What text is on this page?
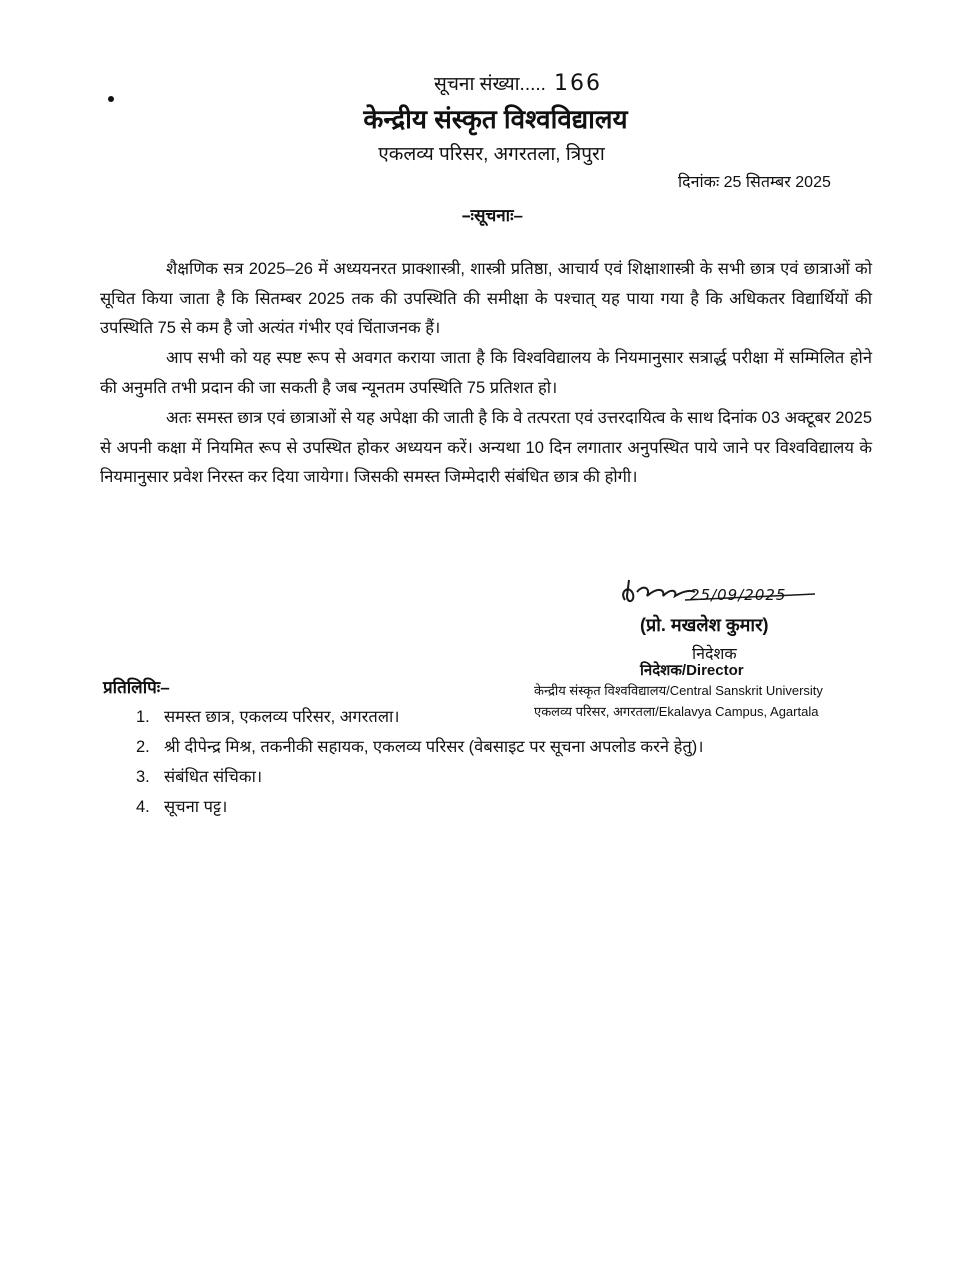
सूचना संख्या..... 166
केन्द्रीय संस्कृत विश्वविद्यालय
एकलव्य परिसर, अगरतला, त्रिपुरा
दिनांकः 25 सितम्बर 2025
–ःसूचनाः–

शैक्षणिक सत्र 2025–26 में अध्ययनरत प्राक्शास्त्री, शास्त्री प्रतिष्ठा, आचार्य एवं शिक्षाशास्त्री के सभी छात्र एवं छात्राओं को सूचित किया जाता है कि सितम्बर 2025 तक की उपस्थिति की समीक्षा के पश्चात् यह पाया गया है कि अधिकतर विद्यार्थियों की उपस्थिति 75 से कम है जो अत्यंत गंभीर एवं चिंताजनक हैं।

आप सभी को यह स्पष्ट रूप से अवगत कराया जाता है कि विश्वविद्यालय के नियमानुसार सत्रार्द्ध परीक्षा में सम्मिलित होने की अनुमति तभी प्रदान की जा सकती है जब न्यूनतम उपस्थिति 75 प्रतिशत हो।

अतः समस्त छात्र एवं छात्राओं से यह अपेक्षा की जाती है कि वे तत्परता एवं उत्तरदायित्व के साथ दिनांक 03 अक्टूबर 2025 से अपनी कक्षा में नियमित रूप से उपस्थित होकर अध्ययन करें। अन्यथा 10 दिन लगातार अनुपस्थित पाये जाने पर विश्वविद्यालय के नियमानुसार प्रवेश निरस्त कर दिया जायेगा। जिसकी समस्त जिम्मेदारी संबंधित छात्र की होगी।

25/09/2025
(प्रो. मखलेश कुमार)
निदेशक
निदेशक/Director
केन्द्रीय संस्कृत विश्वविद्यालय/Central Sanskrit University
एकलव्य परिसर, अगरतला/Ekalavya Campus, Agartala
प्रतिलिपिः–
1. समस्त छात्र, एकलव्य परिसर, अगरतला।
2. श्री दीपेन्द्र मिश्र, तकनीकी सहायक, एकलव्य परिसर (वेबसाइट पर सूचना अपलोड करने हेतु)।
3. संबंधित संचिका।
4. सूचना पट्ट।
